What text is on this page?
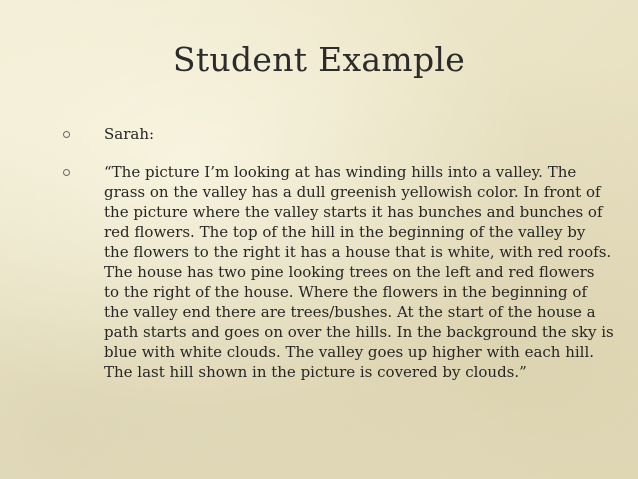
Student Example
Sarah:
“The picture I’m looking at has winding hills into a valley. The
grass on the valley has a dull greenish yellowish color. In front of
the picture where the valley starts it has bunches and bunches of
red flowers. The top of the hill in the beginning of the valley by
the flowers to the right it has a house that is white, with red roofs.
The house has two pine looking trees on the left and red flowers
to the right of the house. Where the flowers in the beginning of
the valley end there are trees/bushes. At the start of the house a
path starts and goes on over the hills. In the background the sky is
blue with white clouds. The valley goes up higher with each hill.
The last hill shown in the picture is covered by clouds.”
